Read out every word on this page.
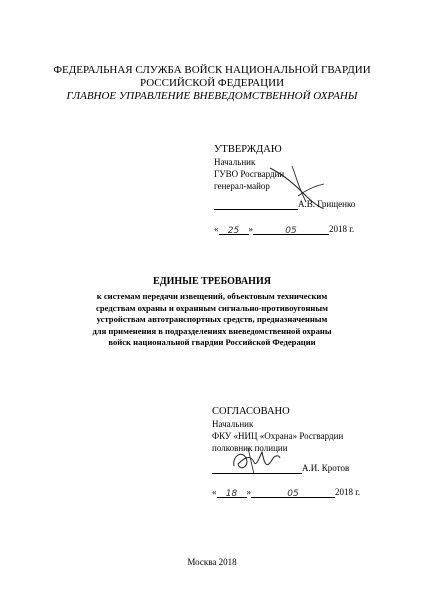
ФЕДЕРАЛЬНАЯ СЛУЖБА ВОЙСК НАЦИОНАЛЬНОЙ ГВАРДИИ
РОССИЙСКОЙ ФЕДЕРАЦИИ
ГЛАВНОЕ УПРАВЛЕНИЕ ВНЕВЕДОМСТВЕННОЙ ОХРАНЫ
УТВЕРЖДАЮ
Начальник
ГУВО Росгвардии
генерал-майор
А.В. Грищенко
« 25 »	05	2018 г.
ЕДИНЫЕ ТРЕБОВАНИЯ
к системам передачи извещений, объектовым техническим
средствам охраны и охранным сигнально-противоугонным
устройствам автотранспортных средств, предназначенным
для применения в подразделениях вневедомственной охраны
войск национальной гвардии Российской Федерации
СОГЛАСОВАНО
Начальник
ФКУ «НИЦ «Охрана» Росгвардии
полковник полиции
А.И. Кротов
« 18 »	05	2018 г.
Москва 2018
